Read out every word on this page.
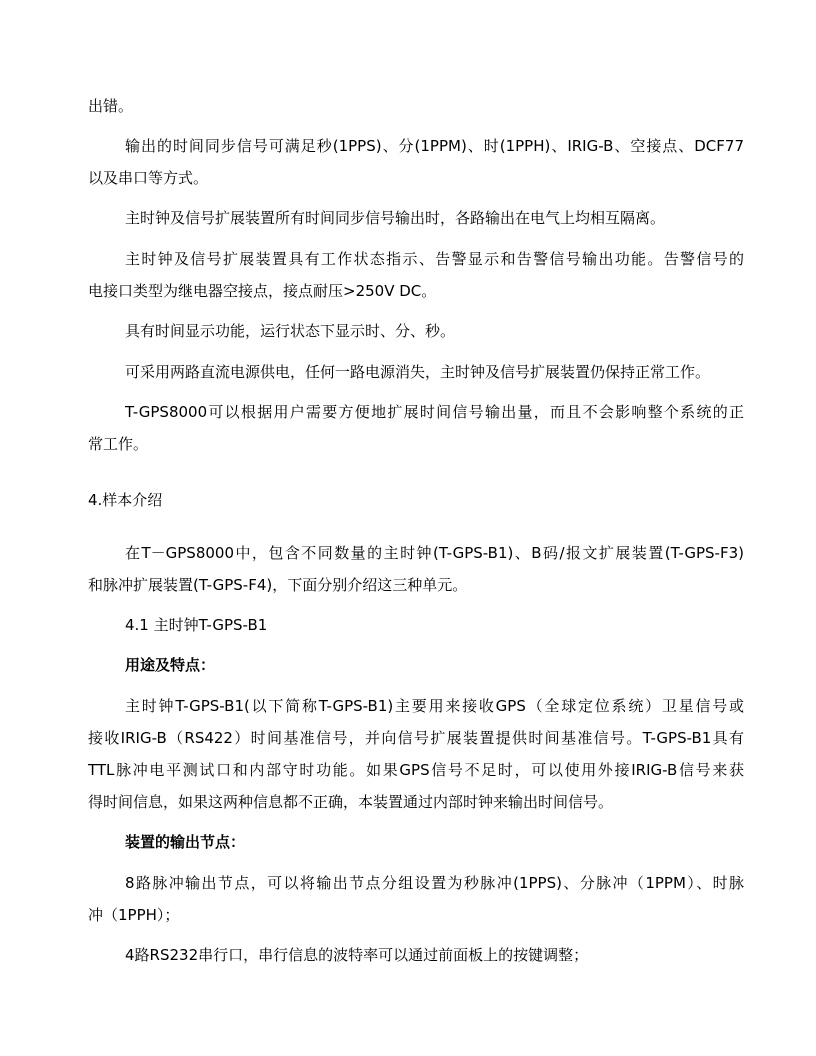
出错。
输出的时间同步信号可满足秒(1PPS)、分(1PPM)、时(1PPH)、IRIG-B、空接点、DCF77
以及串口等方式。
主时钟及信号扩展装置所有时间同步信号输出时，各路输出在电气上均相互隔离。
主时钟及信号扩展装置具有工作状态指示、告警显示和告警信号输出功能。告警信号的
电接口类型为继电器空接点，接点耐压>250V DC。
具有时间显示功能，运行状态下显示时、分、秒。
可采用两路直流电源供电，任何一路电源消失，主时钟及信号扩展装置仍保持正常工作。
T-GPS8000可以根据用户需要方便地扩展时间信号输出量，而且不会影响整个系统的正
常工作。
4.样本介绍
在T－GPS8000中，包含不同数量的主时钟(T-GPS-B1)、B码/报文扩展装置(T-GPS-F3)
和脉冲扩展装置(T-GPS-F4)，下面分别介绍这三种单元。
4.1 主时钟T-GPS-B1
用途及特点：
主时钟T-GPS-B1(以下简称T-GPS-B1)主要用来接收GPS（全球定位系统）卫星信号或
接收IRIG-B（RS422）时间基准信号，并向信号扩展装置提供时间基准信号。T-GPS-B1具有
TTL脉冲电平测试口和内部守时功能。如果GPS信号不足时，可以使用外接IRIG-B信号来获
得时间信息，如果这两种信息都不正确，本装置通过内部时钟来输出时间信号。
装置的输出节点：
8路脉冲输出节点，可以将输出节点分组设置为秒脉冲(1PPS)、分脉冲（1PPM）、时脉
冲（1PPH）；
4路RS232串行口，串行信息的波特率可以通过前面板上的按键调整；
